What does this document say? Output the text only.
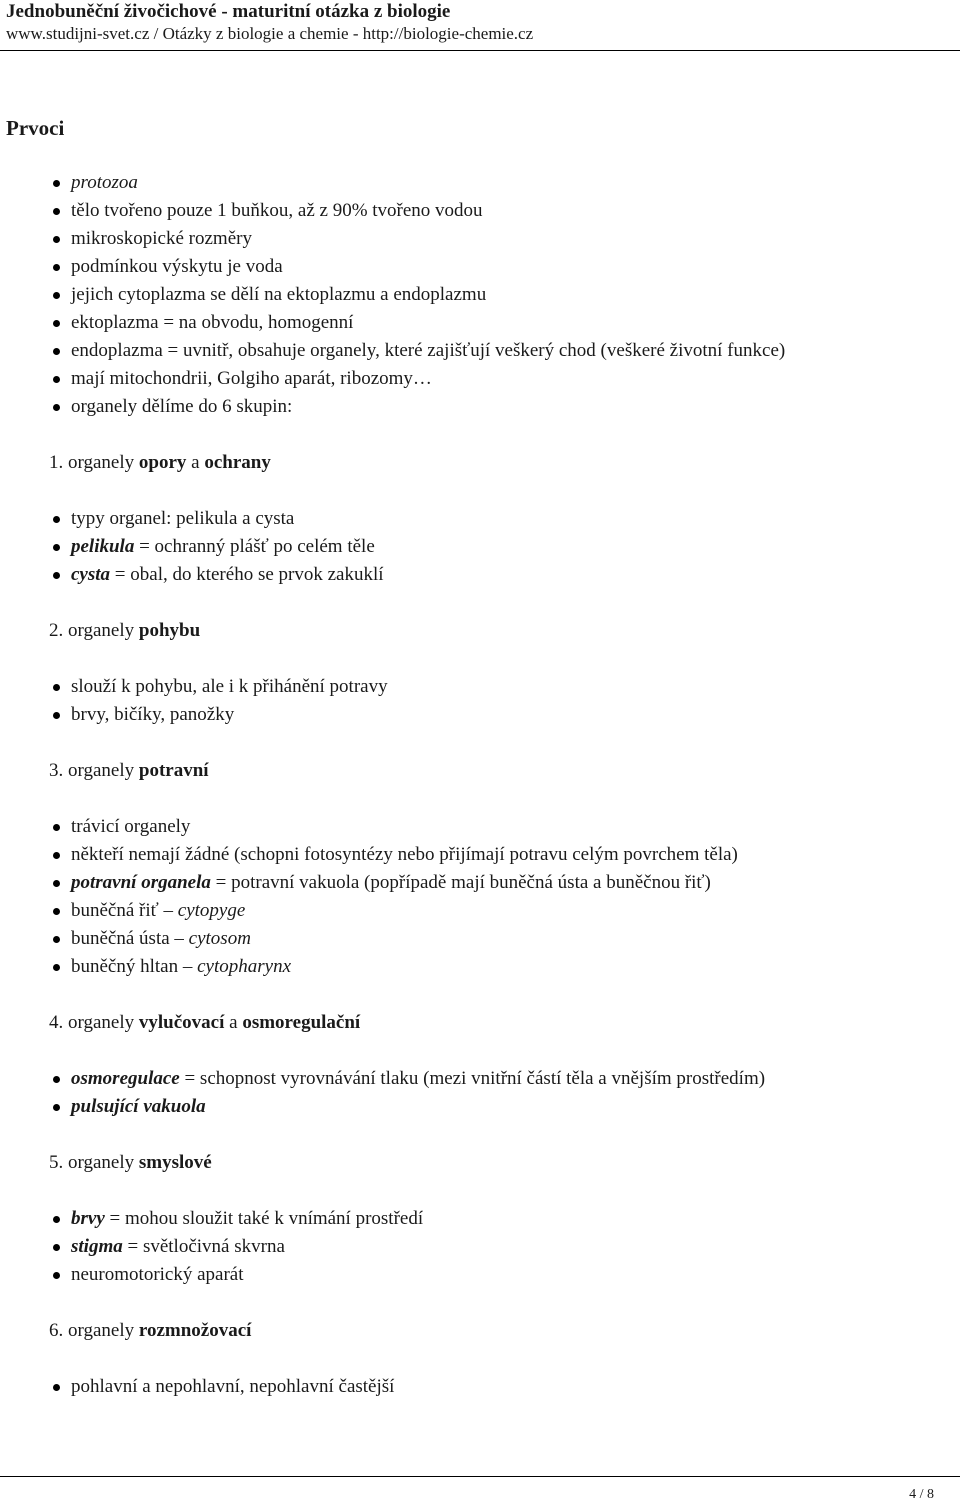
Jednobuněční živočichové - maturitní otázka z biologie
www.studijni-svet.cz / Otázky z biologie a chemie - http://biologie-chemie.cz
Prvoci
protozoa
tělo tvořeno pouze 1 buňkou, až z 90% tvořeno vodou
mikroskopické rozměry
podmínkou výskytu je voda
jejich cytoplazma se dělí na ektoplazmu a endoplazmu
ektoplazma = na obvodu, homogenní
endoplazma = uvnitř, obsahuje organely, které zajišťují veškerý chod (veškeré životní funkce)
mají mitochondrii, Golgiho aparát, ribozomy…
organely dělíme do 6 skupin:
1. organely opory a ochrany
typy organel: pelikula a cysta
pelikula = ochranný plášť po celém těle
cysta = obal, do kterého se prvok zakuklí
2. organely pohybu
slouží k pohybu, ale i k přihánění potravy
brvy, bičíky, panožky
3. organely potravní
trávicí organely
někteří nemají žádné (schopni fotosyntézy nebo přijímají potravu celým povrchem těla)
potravní organela = potravní vakuola (popřípadě mají buněčná ústa a buněčnou řiť)
buněčná řiť – cytopyge
buněčná ústa – cytosom
buněčný hltan – cytopharynx
4. organely vylučovací a osmoregulační
osmoregulace = schopnost vyrovnávání tlaku (mezi vnitřní částí těla a vnějším prostředím)
pulsující vakuola
5. organely smyslové
brvy = mohou sloužit také k vnímání prostředí
stigma = světločivná skvrna
neuromotorický aparát
6. organely rozmnožovací
pohlavní a nepohlavní, nepohlavní častější
4 / 8
